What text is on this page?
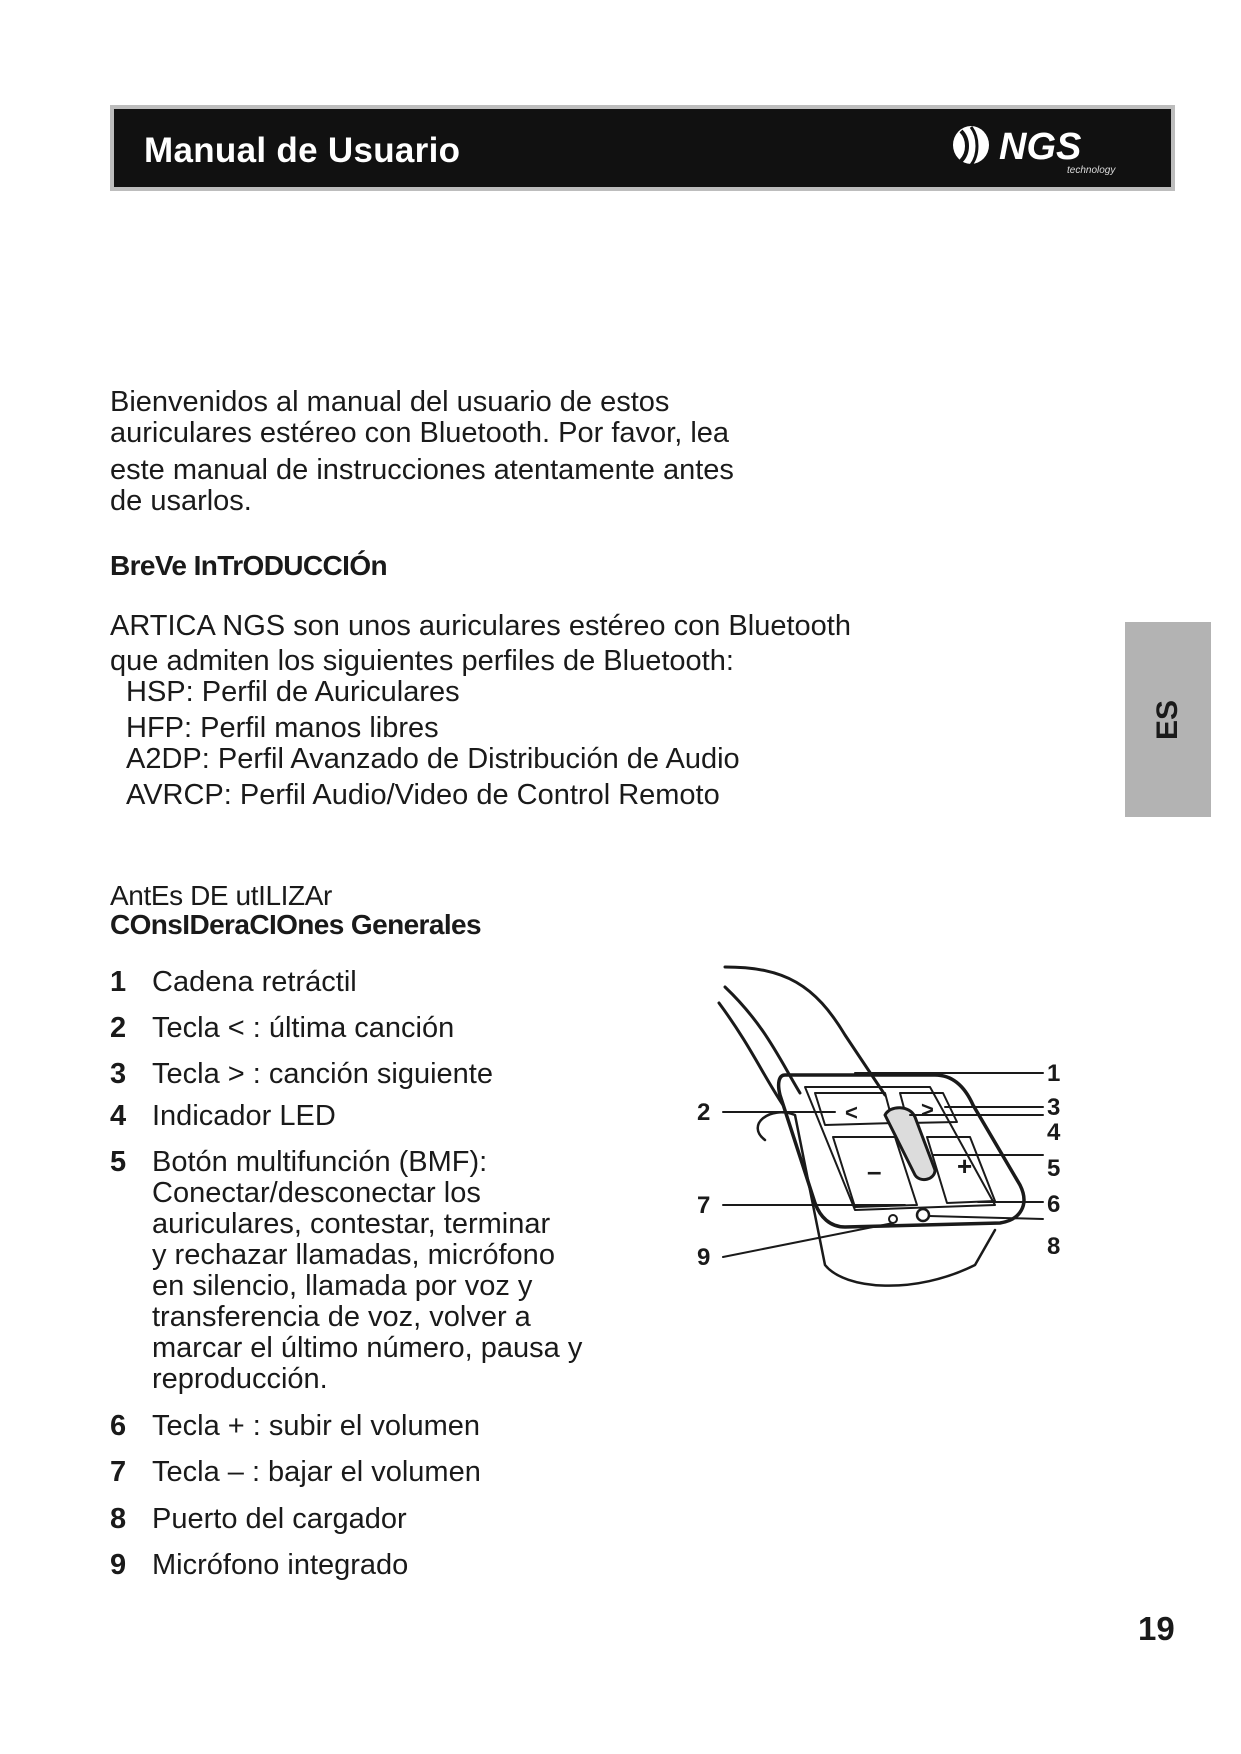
Manual de Usuario	NGS
technology

Bienvenidos al manual del usuario de estos

auriculares estéreo con Bluetooth. Por favor, lea

este manual de instrucciones atentamente antes

de usarlos.

BreVe InTrODUCCIÓn

ARTICA NGS son unos auriculares estéreo con Bluetooth

que admiten los siguientes perfiles de Bluetooth:

HSP: Perfil de Auriculares

HFP: Perfil manos libres

A2DP: Perfil Avanzado de Distribución de Audio

AVRCP: Perfil Audio/Video de Control Remoto

AntEs DE utILIZAr
COnsIDeraCIOnes Generales
1 Cadena retráctil
2 Tecla < : última canción
3 Tecla > : canción siguiente
4 Indicador LED
5 Botón multifunción (BMF):

Conectar/desconectar los

auriculares, contestar, terminar

y rechazar llamadas, micrófono

en silencio, llamada por voz y

transferencia de voz, volver a

marcar el último número, pausa y

reproducción.

6 Tecla + : subir el volumen
7 Tecla – : bajar el volumen
8 Puerto del cargador
9 Micrófono integrado
<	>
–	+
1
2	3
4
5
6
7
8
9
ES
19
